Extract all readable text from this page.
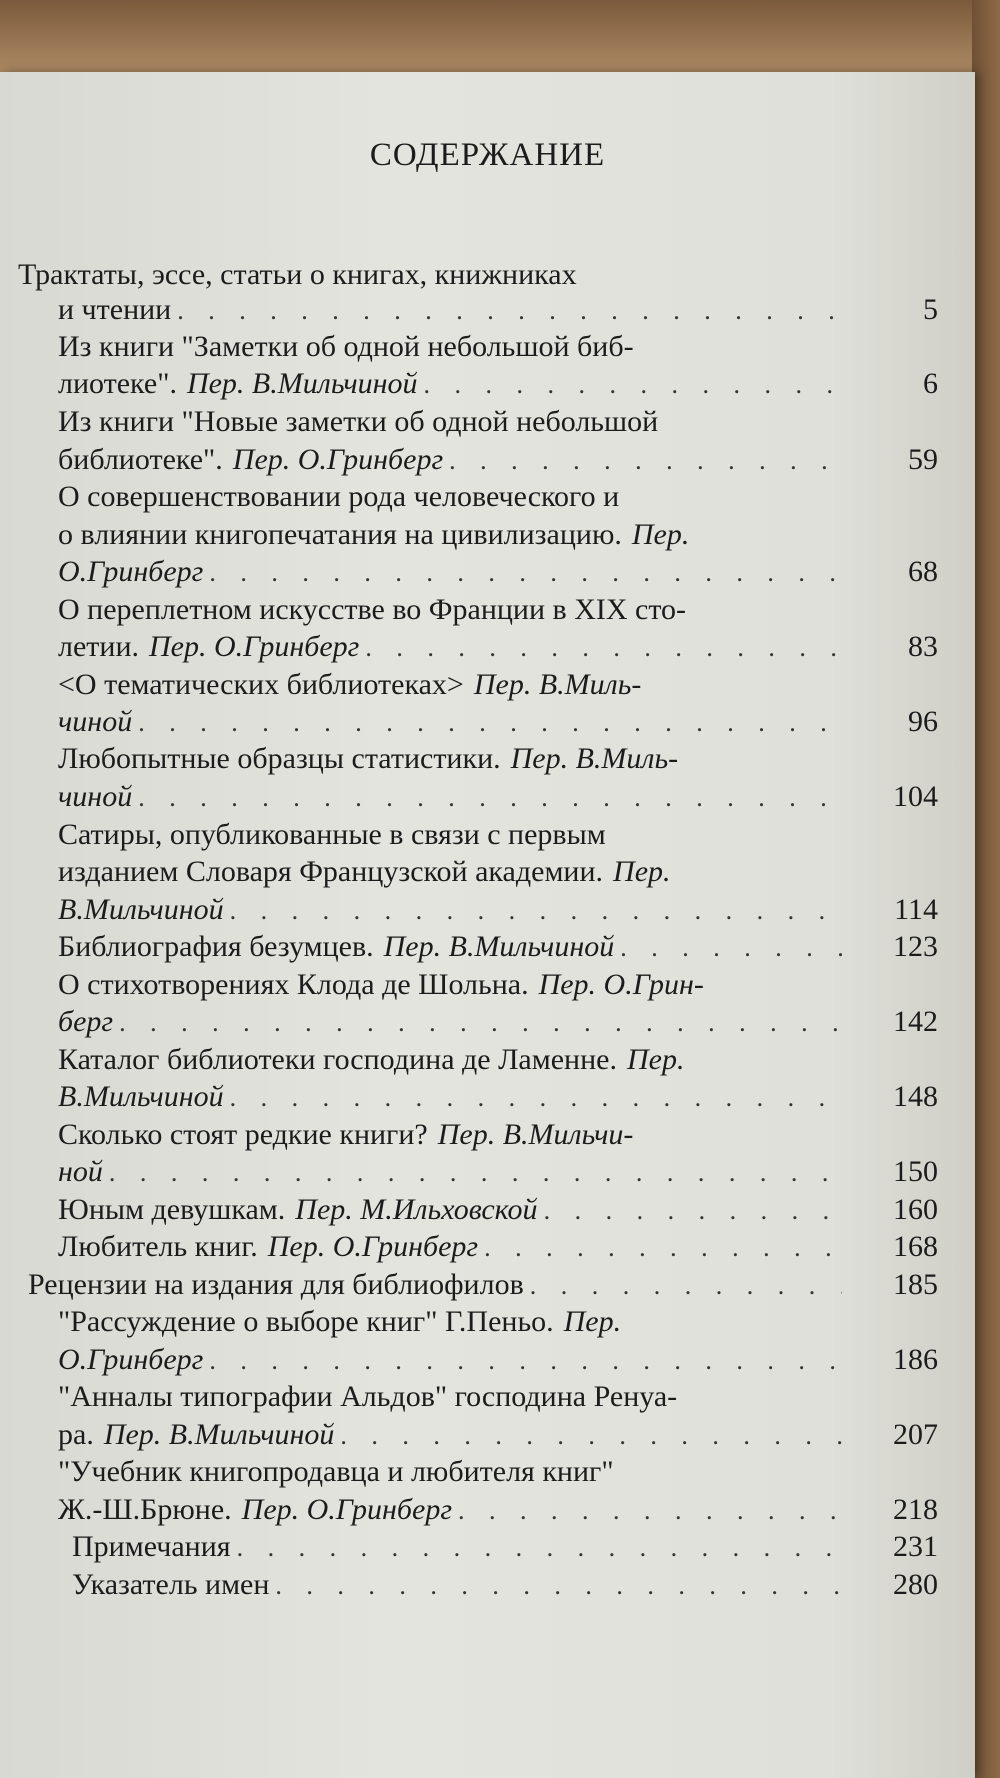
СОДЕРЖАНИЕ
Трактаты, эссе, статьи о книгах, книжниках
и чтении . . .	5
Из книги "Заметки об одной небольшой биб-
лиотеке". Пер. В.Мильчиной . . .	6
Из книги "Новые заметки об одной небольшой
библиотеке". Пер. О.Гринберг . . .	59
О совершенствовании рода человеческого и
о влиянии книгопечатания на цивилизацию. Пер.
О.Гринберг . . .	68
О переплетном искусстве во Франции в XIX сто-
летии. Пер. О.Гринберг . . .	83
<О тематических библиотеках> Пер. В.Миль-
чиной . . .	96
Любопытные образцы статистики. Пер. В.Миль-
чиной . . .	104
Сатиры, опубликованные в связи с первым
изданием Словаря Французской академии. Пер.
В.Мильчиной . . .	114
Библиография безумцев. Пер. В.Мильчиной . . .	123
О стихотворениях Клода де Шольна. Пер. О.Грин-
берг . . .	142
Каталог библиотеки господина де Ламенне. Пер.
В.Мильчиной . . .	148
Сколько стоят редкие книги? Пер. В.Мильчи-
ной . . .	150
Юным девушкам. Пер. М.Ильховской . . .	160
Любитель книг. Пер. О.Гринберг . . .	168
Рецензии на издания для библиофилов . . .	185
"Рассуждение о выборе книг" Г.Пеньо. Пер.
О.Гринберг . . .	186
"Анналы типографии Альдов" господина Ренуа-
ра. Пер. В.Мильчиной . . .	207
"Учебник книгопродавца и любителя книг"
Ж.-Ш.Брюне. Пер. О.Гринберг . . .	218
Примечания . . .	231
Указатель имен . . .	280
